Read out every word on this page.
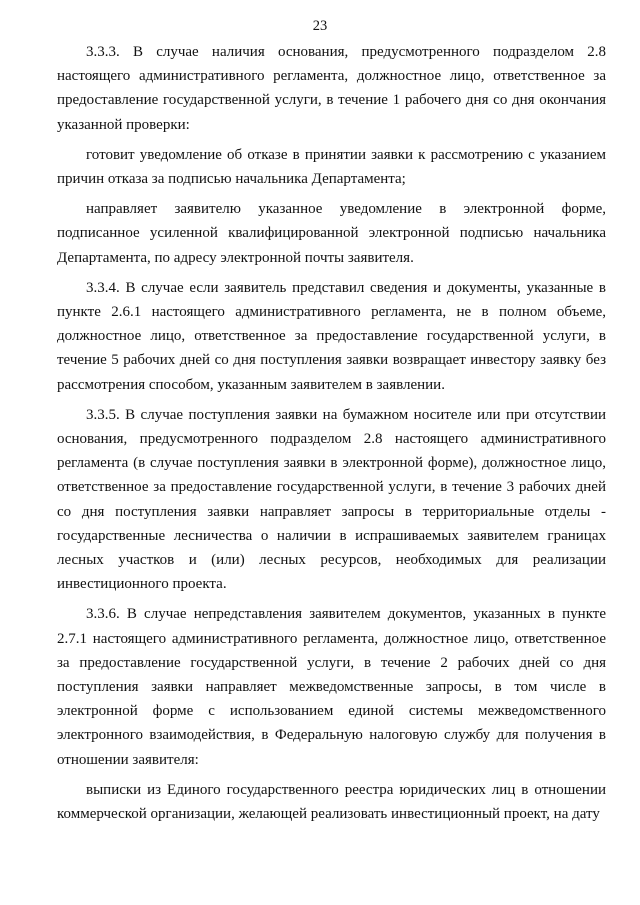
23

3.3.3. В случае наличия основания, предусмотренного подразделом 2.8 настоящего административного регламента, должностное лицо, ответственное за предоставление государственной услуги, в течение 1 рабочего дня со дня окончания указанной проверки:

готовит уведомление об отказе в принятии заявки к рассмотрению с указанием причин отказа за подписью начальника Департамента;

направляет заявителю указанное уведомление в электронной форме, подписанное усиленной квалифицированной электронной подписью начальника Департамента, по адресу электронной почты заявителя.

3.3.4. В случае если заявитель представил сведения и документы, указанные в пункте 2.6.1 настоящего административного регламента, не в полном объеме, должностное лицо, ответственное за предоставление государственной услуги, в течение 5 рабочих дней со дня поступления заявки возвращает инвестору заявку без рассмотрения способом, указанным заявителем в заявлении.

3.3.5. В случае поступления заявки на бумажном носителе или при отсутствии основания, предусмотренного подразделом 2.8 настоящего административного регламента (в случае поступления заявки в электронной форме), должностное лицо, ответственное за предоставление государственной услуги, в течение 3 рабочих дней со дня поступления заявки направляет запросы в территориальные отделы - государственные лесничества о наличии в испрашиваемых заявителем границах лесных участков и (или) лесных ресурсов, необходимых для реализации инвестиционного проекта.

3.3.6. В случае непредставления заявителем документов, указанных в пункте 2.7.1 настоящего административного регламента, должностное лицо, ответственное за предоставление государственной услуги, в течение 2 рабочих дней со дня поступления заявки направляет межведомственные запросы, в том числе в электронной форме с использованием единой системы межведомственного электронного взаимодействия, в Федеральную налоговую службу для получения в отношении заявителя:

выписки из Единого государственного реестра юридических лиц в отношении коммерческой организации, желающей реализовать инвестиционный проект, на дату
